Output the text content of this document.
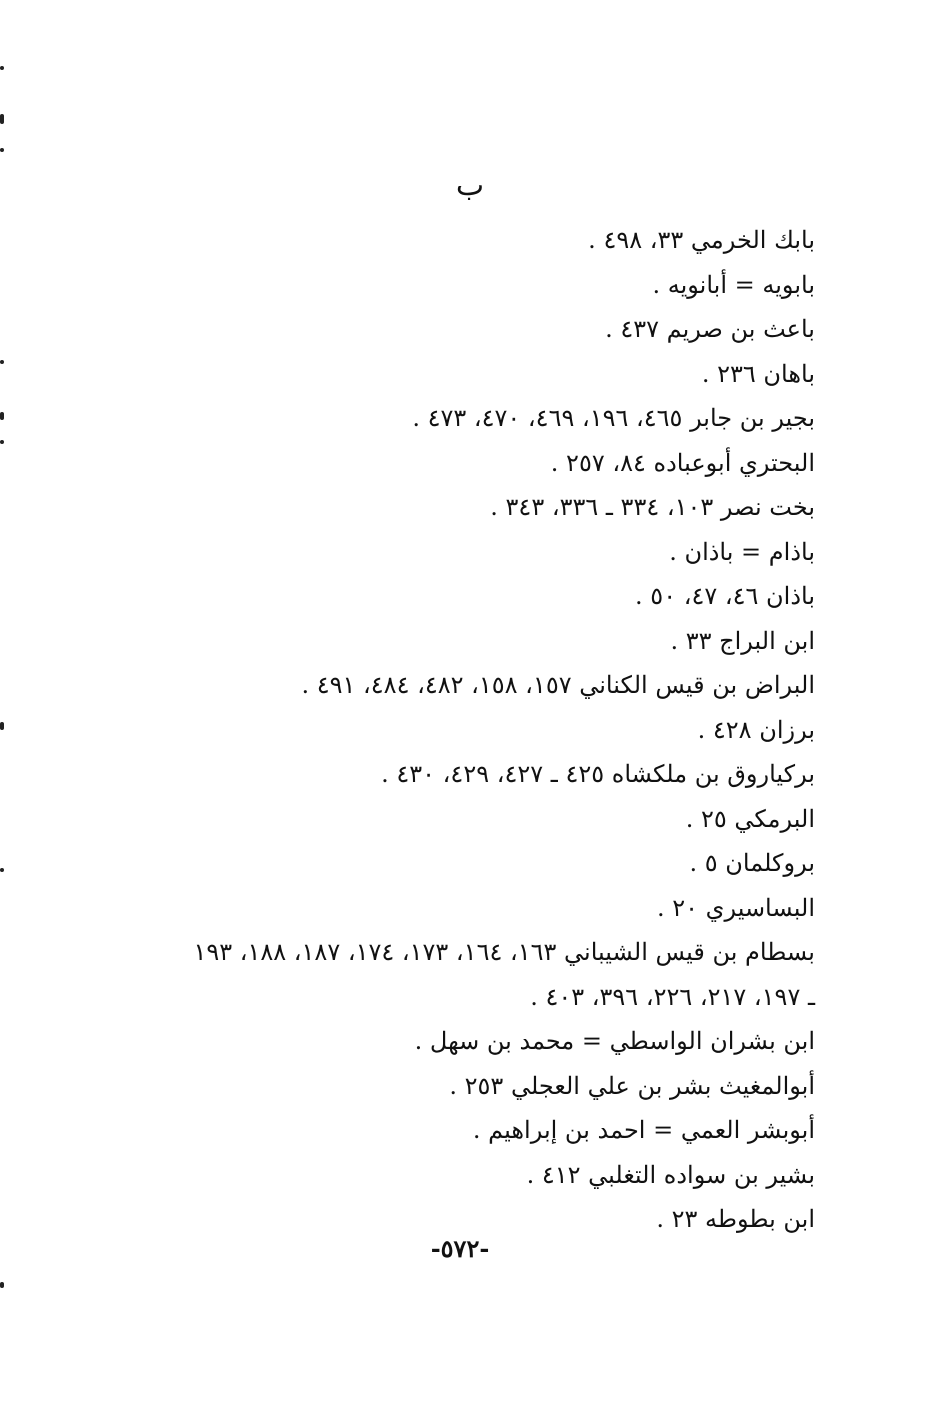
ب
بابك الخرمي ٣٣، ٤٩٨ .
بابويه = أبانويه .
باعث بن صريم ٤٣٧ .
باهان ٢٣٦ .
بجير بن جابر ٤٦٥، ١٩٦، ٤٦٩، ٤٧٠، ٤٧٣ .
البحتري أبوعباده ٨٤، ٢٥٧ .
بخت نصر ١٠٣، ٣٣٤ ـ ٣٣٦، ٣٤٣ .
باذام = باذان .
باذان ٤٦، ٤٧، ٥٠ .
ابن البراج ٣٣ .
البراض بن قيس الكناني ١٥٧، ١٥٨، ٤٨٢، ٤٨٤، ٤٩١ .
برزان ٤٢٨ .
بركياروق بن ملكشاه ٤٢٥ ـ ٤٢٧، ٤٢٩، ٤٣٠ .
البرمكي ٢٥ .
بروكلمان ٥ .
البساسيري ٢٠ .
بسطام بن قيس الشيباني ١٦٣، ١٦٤، ١٧٣، ١٧٤، ١٨٧، ١٨٨، ١٩٣
ـ ١٩٧، ٢١٧، ٢٢٦، ٣٩٦، ٤٠٣ .
ابن بشران الواسطي = محمد بن سهل .
أبوالمغيث بشر بن علي العجلي ٢٥٣ .
أبوبشر العمي = احمد بن إبراهيم .
بشير بن سواده التغلبي ٤١٢ .
ابن بطوطه ٢٣ .
-٥٧٢-
